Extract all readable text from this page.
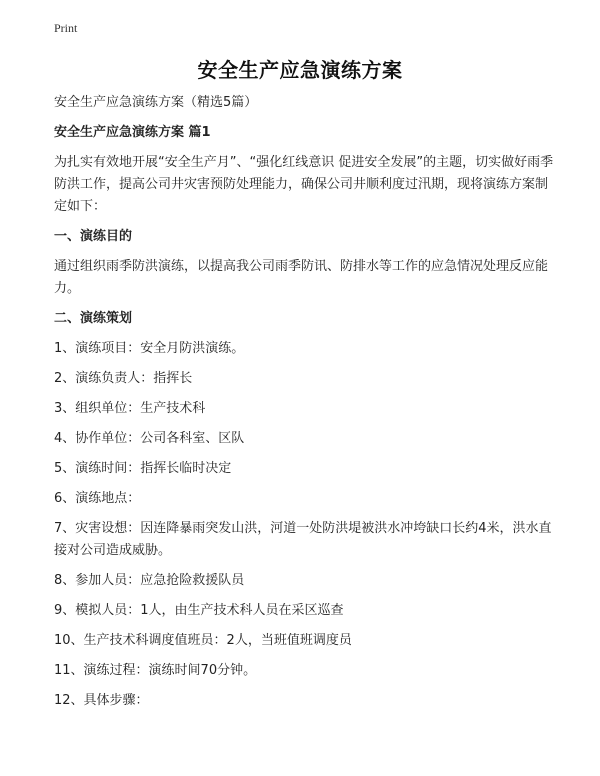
Print
安全生产应急演练方案

安全生产应急演练方案（精选5篇）

安全生产应急演练方案 篇1

为扎实有效地开展“安全生产月”、“强化红线意识 促进安全发展”的主题，切实做好雨季防洪工作，提高公司井灾害预防处理能力，确保公司井顺利度过汛期，现将演练方案制定如下：

一、演练目的

通过组织雨季防洪演练，以提高我公司雨季防讯、防排水等工作的应急情况处理反应能力。

二、演练策划

1、演练项目：安全月防洪演练。

2、演练负责人：指挥长

3、组织单位：生产技术科

4、协作单位：公司各科室、区队

5、演练时间：指挥长临时决定

6、演练地点：

7、灾害设想：因连降暴雨突发山洪，河道一处防洪堤被洪水冲垮缺口长约4米，洪水直接对公司造成威胁。

8、参加人员：应急抢险救援队员

9、模拟人员：1人，由生产技术科人员在采区巡查

10、生产技术科调度值班员：2人，当班值班调度员

11、演练过程：演练时间70分钟。

12、具体步骤：
